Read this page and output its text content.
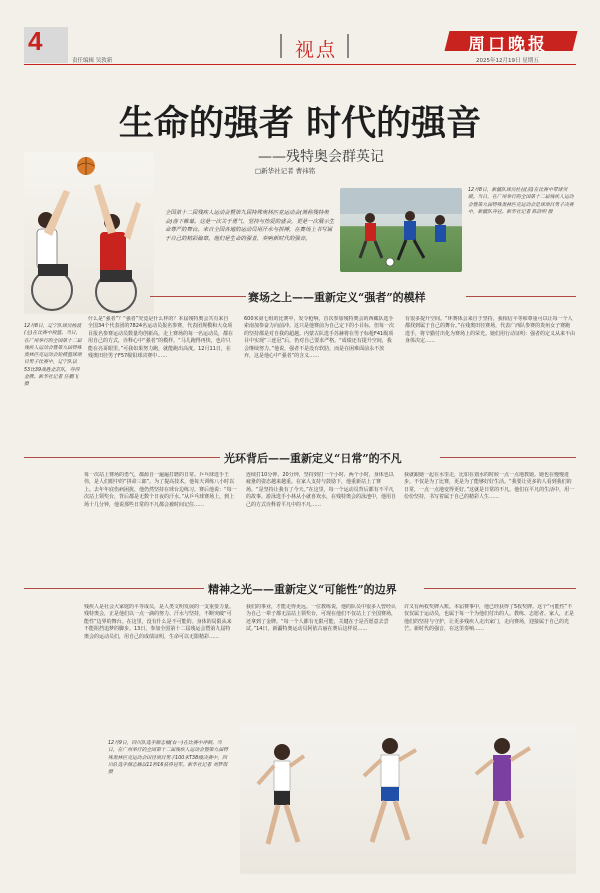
4
责任编辑 吴敦新	视点	周口晚报
2025年12月19日 星期五
生命的强者 时代的强音
——残特奥会群英记
□新华社记者 曹祎铭
全国第十二届残疾人运动会暨第九届特殊奥林匹克运动会(简称残特奥会)落下帷幕。这是一次关于勇气、坚持与热爱的盛会，更是一次展示生命尊严的舞台。来自全国各地的运动员用汗水与拼搏，在赛场上书写属于自己的精彩篇章。他们是生命的强者，奏响新时代的强音。
12月8日，新疆队球员杜拉(前)在比赛中带球突破。当日，在广州举行的全国第十二届残疾人运动会暨第九届特殊奥林匹克运动会足球项目男子决赛中，新疆队夺冠。新华社记者 陈浩明 摄
12月8日，辽宁队球员杨波(左)在比赛中投篮。当日，在广州举行的全国第十二届残疾人运动会暨第九届特殊奥林匹克运动会轮椅篮球项目男子比赛中，辽宁队以53比39战胜北京队，夺得金牌。新华社记者 任鹏飞 摄
赛场之上——重新定义“强者”的模样
什么是“强者”？“强者”究竟是什么样的？本届残特奥会共有来自全国34个代表团的7824名运动员报名参赛，代表团规模和大众项目报名参赛运动员数量均创新高。走上赛场的每一名运动员，都在用自己的方式，诠释心中“强者”的模样。“马儿跑得再快，也许只能在亮哥眼里。”可我如果努力跑，就能跑出高度。12月11日，在残奥田径男子F57级铅球决赛中……
600米第七组的比赛中，发令枪响，首次参加残特奥会的西藏队选手索南加参奋力向前冲。这只是他赛前为自己定下的小目标，但每一次的坚持都是对自我的超越。内蒙古队选手苏赫将在男子标枪F41级项目中实现“三连冠”后，仍对自己要求严格。“成绩还有提升空间，我会继续努力。”他说，强者不是没有软肋，而是在困难面前永不放弃，这是他心中“强者”的含义……
有很多提升空间。“环赛体会来自于坚持，我相信平等和尊重可以让每一个人都找到属于自己的舞台。”在残奥田径赛场，代表广西队参赛的贵州女子赛跑选手，将辛勤付出化为赛场上的荣光。她们用行动证明：强者的定义从来不由身体决定……
光环背后——重新定义“日常”的不凡
每一次站上赛场的勇气，都源自一遍遍打磨的日常。乒乓球选手王伟，是人们眼中的“拼命三郎”。为了提高技术，他每天训练八小时以上。去年年底伤病困扰，他仍然坚持在球台边练习。赛后他说：“每一次站上领奖台，背后都是无数个日夜的汗水。”从乒乓球赛场上，到上场十几分钟，他说那些日常的不凡都会被时间记住……
连续打10分钟、20分钟，坚持到打一个小时、两个小时，身体也以疲惫的姿态越来越重。在家人支持与鼓励下，他重新站上了赛场。“是坚持让我有了今天。”在这里，每一个运动员背后都有不平凡的故事。游泳选手小林从小就喜欢水，在残特奥会的泳池中，他用自己的方式诠释着平凡中的不凡……
我就跟她一起在水里走，比如在划水的时候一点一点地教她。她也在慢慢进步。不仅是为了比赛，更是为了能够好好生活。“我要让更多的人看到我们的日常，一点一点地变得更好。”这就是日常的不凡。他们在平凡的生活中，用一份份坚持，书写着属于自己的精彩人生……
精神之光——重新定义“可能性”的边界
残疾人是社会大家庭的平等成员，是人类文明发展的一支重要力量。残特奥会，正是他们以一点一滴的努力、汗水与坚持，不断突破“可能性”边界的舞台。在这里，没有什么是不可能的。身体的局限从来不能阻挡追梦的脚步。13日，参加全国第十二届残运会暨第九届特奥会的运动员们，用自己的成绩证明，生命可以无限精彩……
我们的事业，才能走得更远。一位教练说，他的队员中很多人曾经认为自己一辈子都无法站上领奖台，可现在他们不仅站上了全国赛场，还拿到了金牌。“每一个人都有无限可能，关键在于是否愿意去尝试。”14日，新疆特奥运动员阿依古丽在赛后这样说……
许又有两枚奖牌入账。本届赛事中，他已经获得了5枚奖牌。这个“可能性”不仅仅属于运动员，也属于每一个为他们付出的人。教练、志愿者、家人，正是他们的坚持与守护，让更多残疾人走出家门，走向赛场，迎接属于自己的光芒。新时代的强音，在这里奏响……
12月9日，四川队选手颜志楠(右一)在比赛中冲刺。当日，在广州举行的全国第十二届残疾人运动会暨第九届特殊奥林匹克运动会田径项目男子100米T38级决赛中，四川队选手颜志楠以11秒16获得冠军。新华社记者 刘梦琪 摄
